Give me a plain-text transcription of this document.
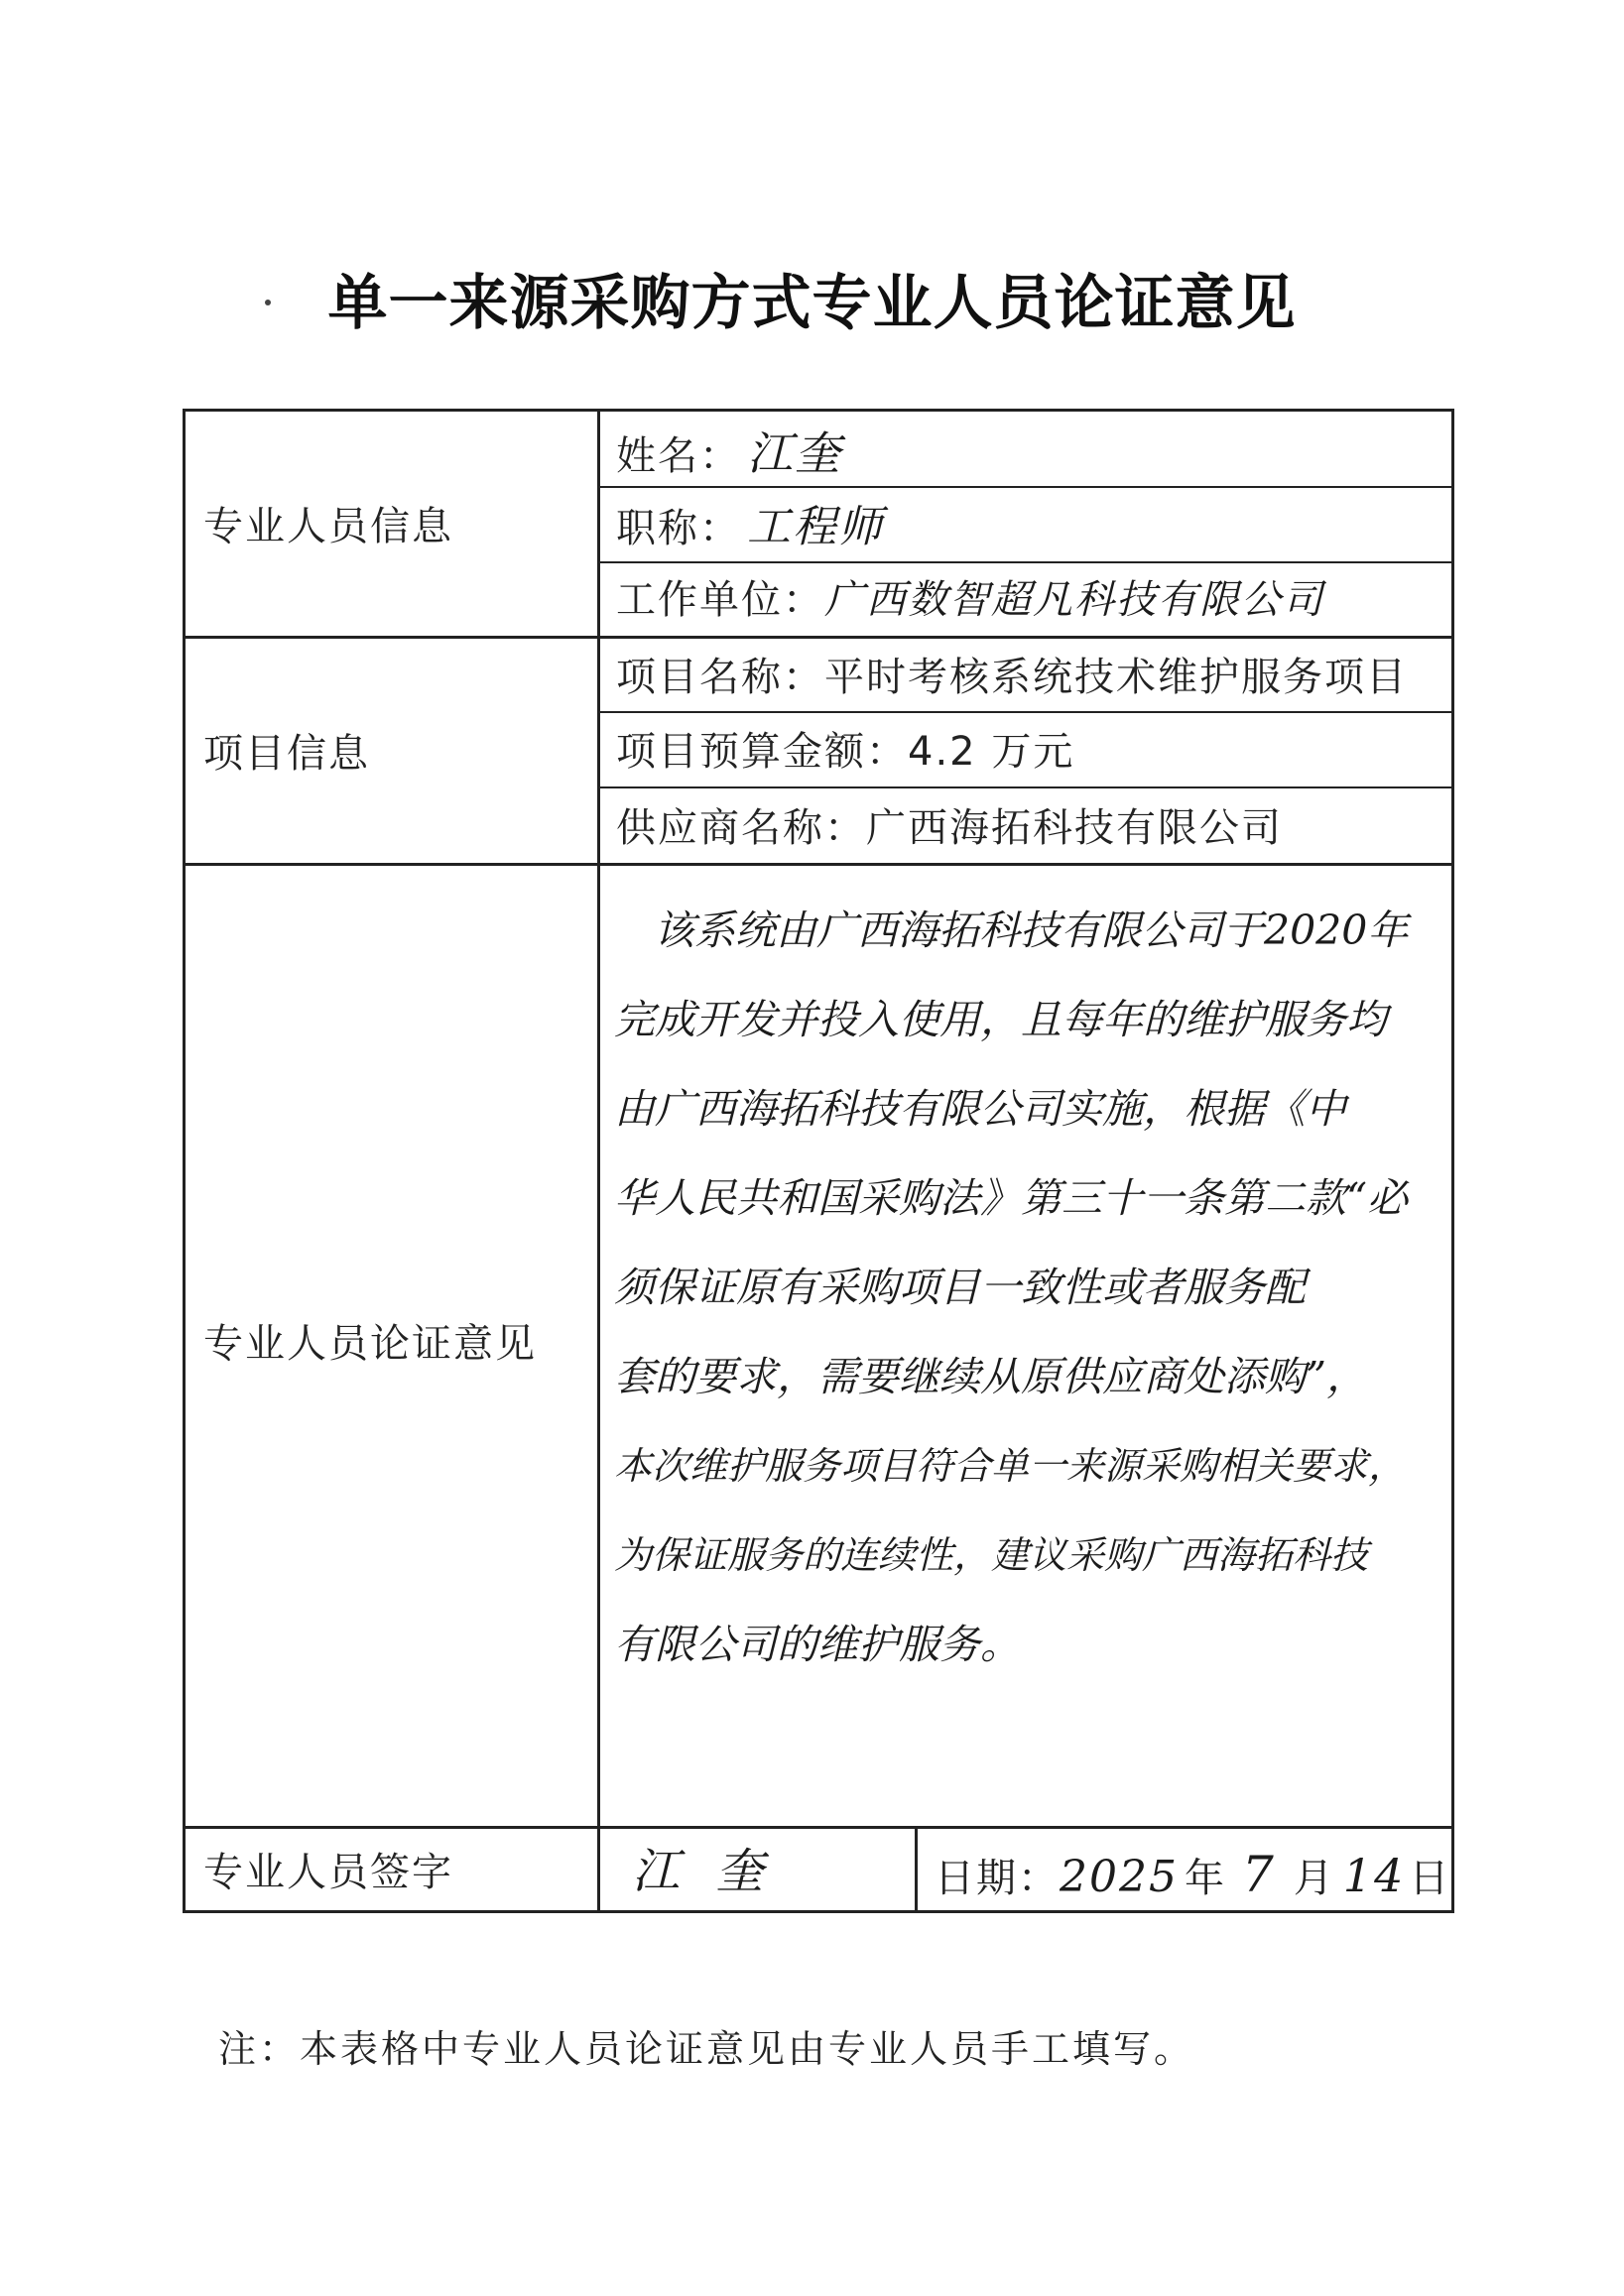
单一来源采购方式专业人员论证意见
专业人员信息
项目信息
专业人员论证意见
专业人员签字
姓名： 江奎
职称： 工程师
工作单位：广西数智超凡科技有限公司
项目名称：平时考核系统技术维护服务项目
项目预算金额：4.2 万元
供应商名称：广西海拓科技有限公司
该系统由广西海拓科技有限公司于2020年
完成开发并投入使用，且每年的维护服务均
由广西海拓科技有限公司实施，根据《中
华人民共和国采购法》第三十一条第二款“必
须保证原有采购项目一致性或者服务配
套的要求，需要继续从原供应商处添购”，
本次维护服务项目符合单一来源采购相关要求，
为保证服务的连续性，建议采购广西海拓科技
有限公司的维护服务。
江  奎	日期：2025 年 7 月 14 日
注：本表格中专业人员论证意见由专业人员手工填写。
